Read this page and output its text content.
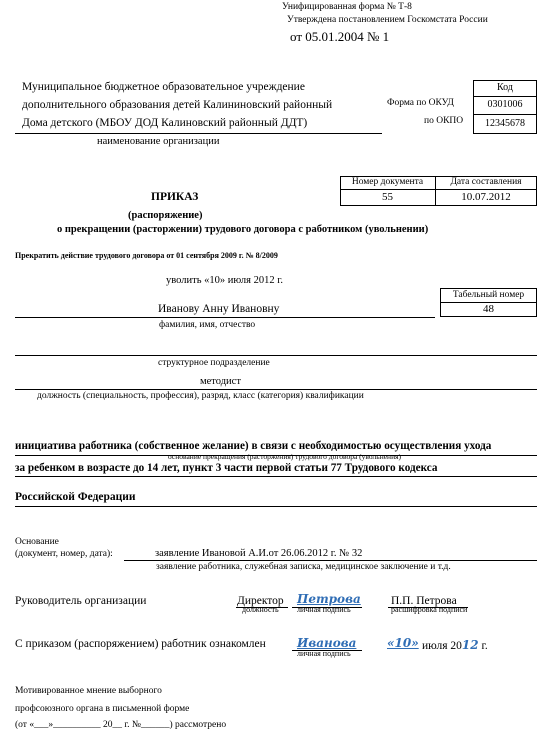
Унифицированная форма № Т-8
Утверждена постановлением Госкомстата России
от 05.01.2004 № 1
Муниципальное бюджетное образовательное учреждение
дополнительного образования детей Калининовский районный
Дома детского (МБОУ ДОД Калиновский районный ДДТ)
наименование организации
Форма по ОКУД
по ОКПО
Код
0301006
12345678
Номер документа	Дата составления
55	10.07.2012
ПРИКАЗ
(распоряжение)
о прекращении (расторжении) трудового договора с работником (увольнении)
Прекратить действие трудового договора от 01 сентября 2009 г. № 8/2009
уволить «10» июля 2012 г.
Табельный номер
48
Иванову Анну Ивановну
фамилия, имя, отчество
структурное подразделение
методист
должность (специальность, профессия), разряд, класс (категория) квалификации
инициатива работника (собственное желание) в связи с необходимостью осуществления ухода
основание прекращения (расторжения) трудового договора (увольнения)
за ребенком в возрасте до 14 лет, пункт 3 части первой статьи 77 Трудового кодекса
Российской Федерации
Основание
(документ, номер, дата):	заявление Ивановой А.И.от 26.06.2012 г. № 32
заявление работника, служебная записка, медицинское заключение и т.д.
Руководитель организации	Директор
должность
Петрова
личная подпись
П.П. Петрова
расшифровка подписи
С приказом (распоряжением) работник ознакомлен	Иванова
личная подпись
«10» июля 2012 г.
Мотивированное мнение выборного
профсоюзного органа в письменной форме
(от «___»__________ 20__ г. №______) рассмотрено
